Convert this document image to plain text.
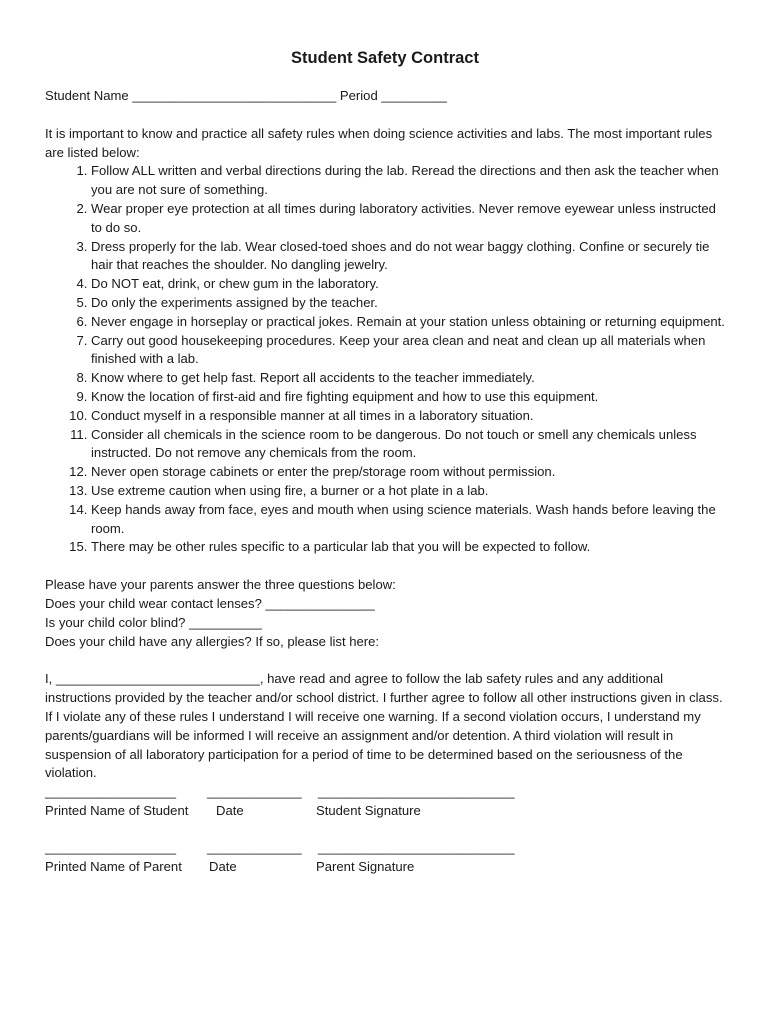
Student Safety Contract
Student Name ____________________________ Period _________

It is important to know and practice all safety rules when doing science activities and labs. The most important rules are listed below:

1. Follow ALL written and verbal directions during the lab. Reread the directions and then ask the teacher when you are not sure of something.
2. Wear proper eye protection at all times during laboratory activities. Never remove eyewear unless instructed to do so.
3. Dress properly for the lab. Wear closed-toed shoes and do not wear baggy clothing. Confine or securely tie hair that reaches the shoulder. No dangling jewelry.
4. Do NOT eat, drink, or chew gum in the laboratory.
5. Do only the experiments assigned by the teacher.
6. Never engage in horseplay or practical jokes. Remain at your station unless obtaining or returning equipment.
7. Carry out good housekeeping procedures. Keep your area clean and neat and clean up all materials when finished with a lab.
8. Know where to get help fast. Report all accidents to the teacher immediately.
9. Know the location of first-aid and fire fighting equipment and how to use this equipment.
10. Conduct myself in a responsible manner at all times in a laboratory situation.
11. Consider all chemicals in the science room to be dangerous. Do not touch or smell any chemicals unless instructed. Do not remove any chemicals from the room.
12. Never open storage cabinets or enter the prep/storage room without permission.
13. Use extreme caution when using fire, a burner or a hot plate in a lab.
14. Keep hands away from face, eyes and mouth when using science materials. Wash hands before leaving the room.
15. There may be other rules specific to a particular lab that you will be expected to follow.

Please have your parents answer the three questions below:

Does your child wear contact lenses? _______________

Is your child color blind? __________

Does your child have any allergies? If so, please list here:

I, ____________________________, have read and agree to follow the lab safety rules and any additional instructions provided by the teacher and/or school district. I further agree to follow all other instructions given in class. If I violate any of these rules I understand I will receive one warning. If a second violation occurs, I understand my parents/guardians will be informed I will receive an assignment and/or detention. A third violation will result in suspension of all laboratory participation for a period of time to be determined based on the seriousness of the violation.

__________________

_____________

___________________________

Printed Name of Student

Date

	Student Signature

__________________

_____________

___________________________

Printed Name of Parent

Date

	Parent Signature
